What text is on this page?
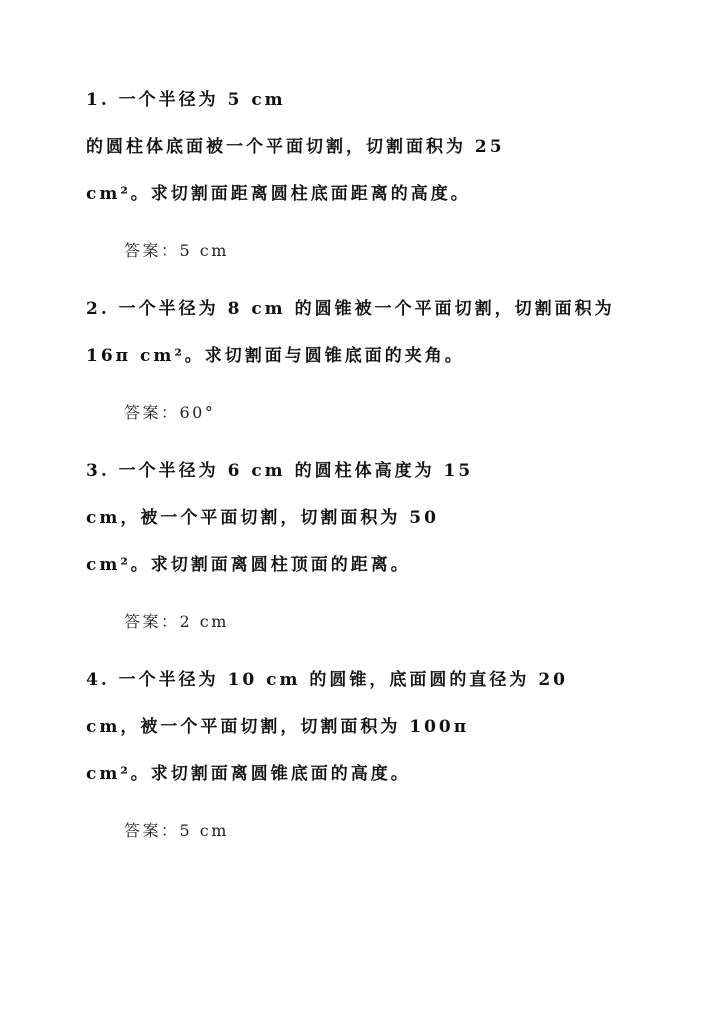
1. 一个半径为 5 cm
的圆柱体底面被一个平面切割，切割面积为 25
cm²。求切割面距离圆柱底面距离的高度。
答案：5 cm
2. 一个半径为 8 cm 的圆锥被一个平面切割，切割面积为
16π cm²。求切割面与圆锥底面的夹角。
答案：60°
3. 一个半径为 6 cm 的圆柱体高度为 15
cm，被一个平面切割，切割面积为 50
cm²。求切割面离圆柱顶面的距离。
答案：2 cm
4. 一个半径为 10 cm 的圆锥，底面圆的直径为 20
cm，被一个平面切割，切割面积为 100π
cm²。求切割面离圆锥底面的高度。
答案：5 cm
